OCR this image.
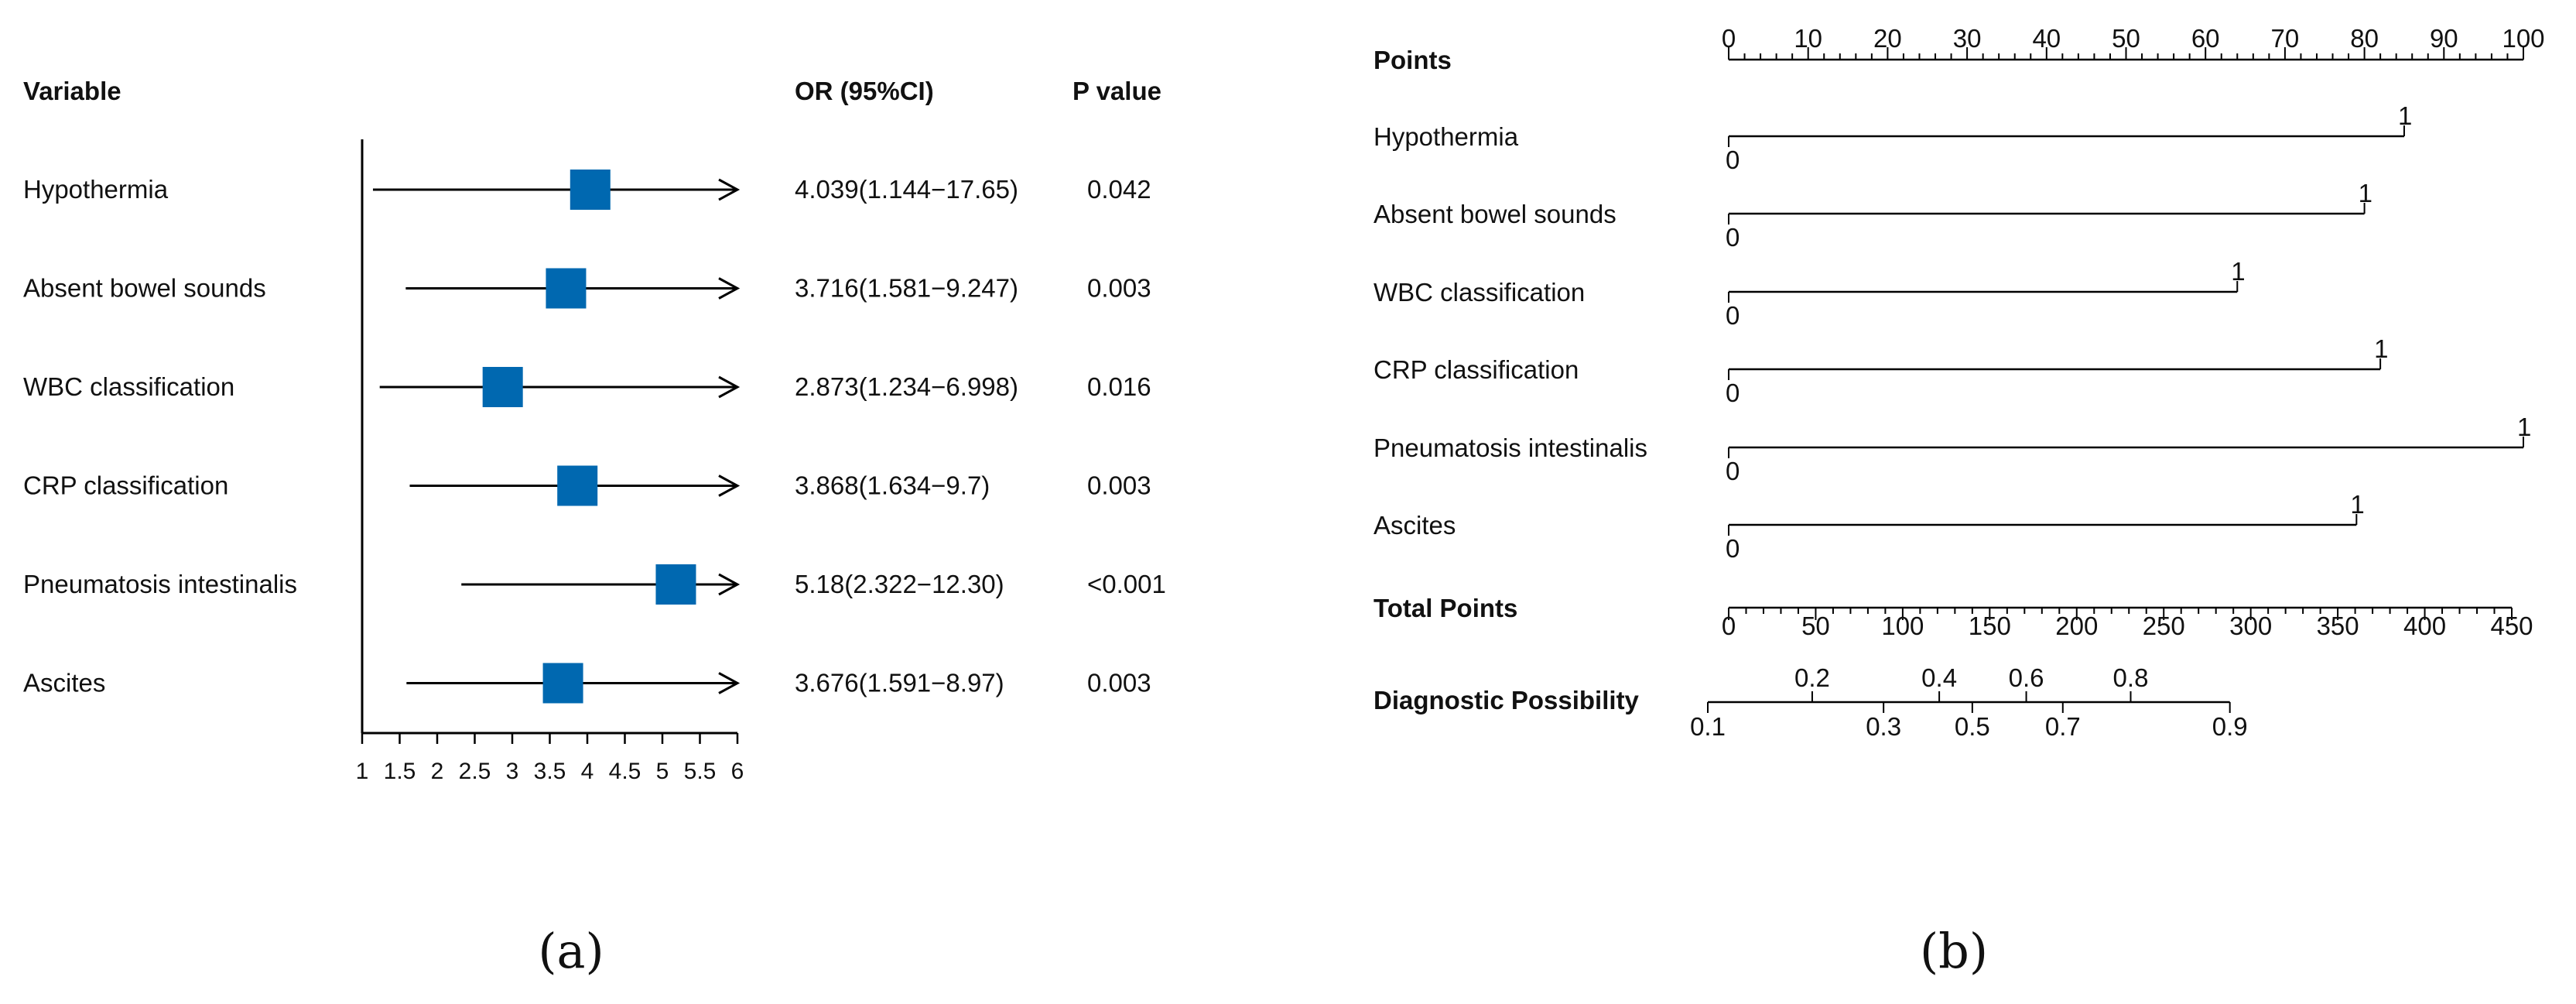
Variable	OR (95%CI)	P value
Hypothermia	4.039(1.144−17.65)	0.042
Absent bowel sounds	3.716(1.581−9.247)	0.003
WBC classification	2.873(1.234−6.998)	0.016
CRP classification	3.868(1.634−9.7)	0.003
Pneumatosis intestinalis	5.18(2.322−12.30)	<0.001
Ascites	3.676(1.591−8.97)	0.003
1 1.5 2 2.5 3 3.5 4 4.5 5 5.5 6
(a)
Points
0 10 20 30 40 50 60 70 80 90 100
Hypothermia
0
1
Absent bowel sounds
0
1
WBC classification
0
1
CRP classification
0
1
Pneumatosis intestinalis
0
1
Ascites
0
1
Total Points
0	50 100 150 200 250 300 350 400 450
Diagnostic Possibility
0.1
0.2
0.3
0.4
0.5
0.6
0.7
0.8
0.9
(b)
